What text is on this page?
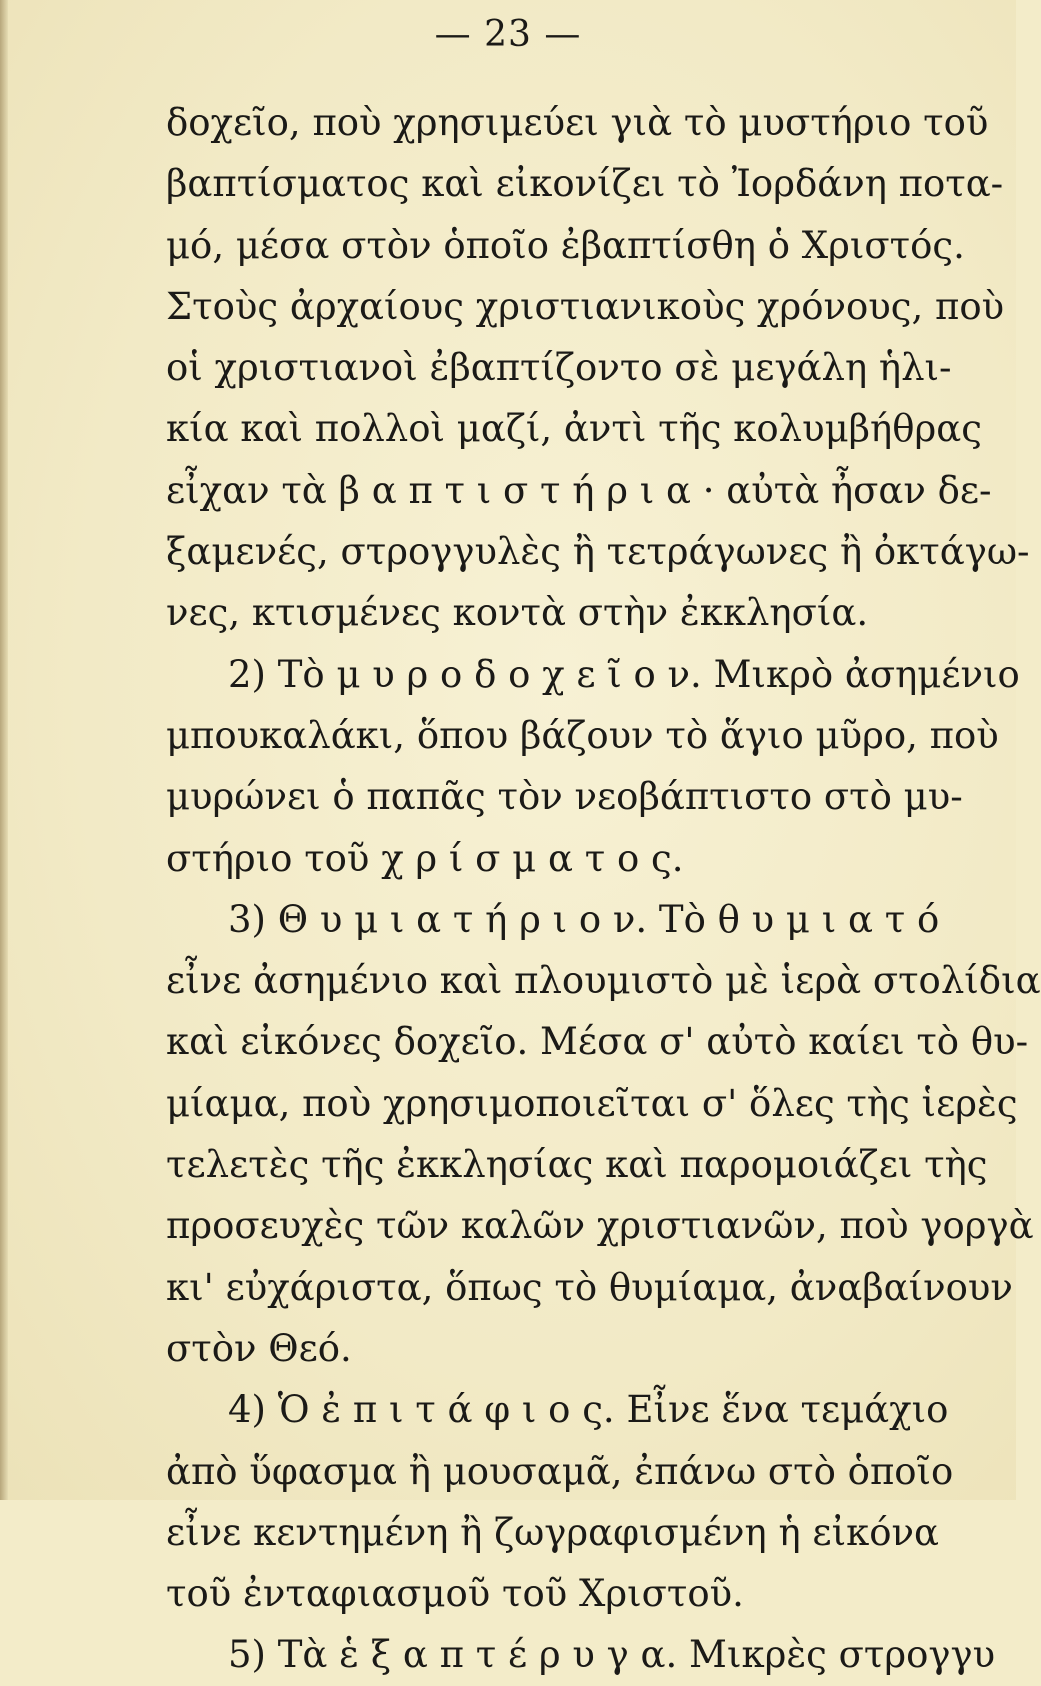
— 23 —
δοχεῖο, ποὺ χρησιμεύει γιὰ τὸ μυστήριο τοῦ
βαπτίσματος καὶ εἰκονίζει τὸ Ἰορδάνη ποτα-
μό, μέσα στὸν ὁποῖο ἐβαπτίσθη ὁ Χριστός.
Στοὺς ἀρχαίους χριστιανικοὺς χρόνους, ποὺ
οἱ χριστιανοὶ ἐβαπτίζοντο σὲ μεγάλη ἡλι-
κία καὶ πολλοὶ μαζί, ἀντὶ τῆς κολυμβήθρας
εἶχαν τὰ β α π τ ι σ τ ή ρ ι α · αὐτὰ ἦσαν δε-
ξαμενές, στρογγυλὲς ἢ τετράγωνες ἢ ὀκτάγω-
νες, κτισμένες κοντὰ στὴν ἐκκλησία.
2) Τὸ μ υ ρ ο δ ο χ ε ῖ ο ν. Μικρὸ ἀσημένιο
μπουκαλάκι, ὅπου βάζουν τὸ ἅγιο μῦρο, ποὺ
μυρώνει ὁ παπᾶς τὸν νεοβάπτιστο στὸ μυ-
στήριο τοῦ χ ρ ί σ μ α τ ο ς.
3) Θ υ μ ι α τ ή ρ ι ο ν. Τὸ θ υ μ ι α τ ό
εἶνε ἀσημένιο καὶ πλουμιστὸ μὲ ἱερὰ στολίδια
καὶ εἰκόνες δοχεῖο. Μέσα σ' αὐτὸ καίει τὸ θυ-
μίαμα, ποὺ χρησιμοποιεῖται σ' ὅλες τὴς ἱερὲς
τελετὲς τῆς ἐκκλησίας καὶ παρομοιάζει τὴς
προσευχὲς τῶν καλῶν χριστιανῶν, ποὺ γοργὰ
κι' εὐχάριστα, ὅπως τὸ θυμίαμα, ἀναβαίνουν
στὸν Θεό.
4) Ὁ ἐ π ι τ ά φ ι ο ς. Εἶνε ἕνα τεμάχιο
ἀπὸ ὕφασμα ἢ μουσαμᾶ, ἐπάνω στὸ ὁποῖο
εἶνε κεντημένη ἢ ζωγραφισμένη ἡ εἰκόνα
τοῦ ἐνταφιασμοῦ τοῦ Χριστοῦ.
5) Τὰ ἑ ξ α π τ έ ρ υ γ α. Μικρὲς στρογγυ
